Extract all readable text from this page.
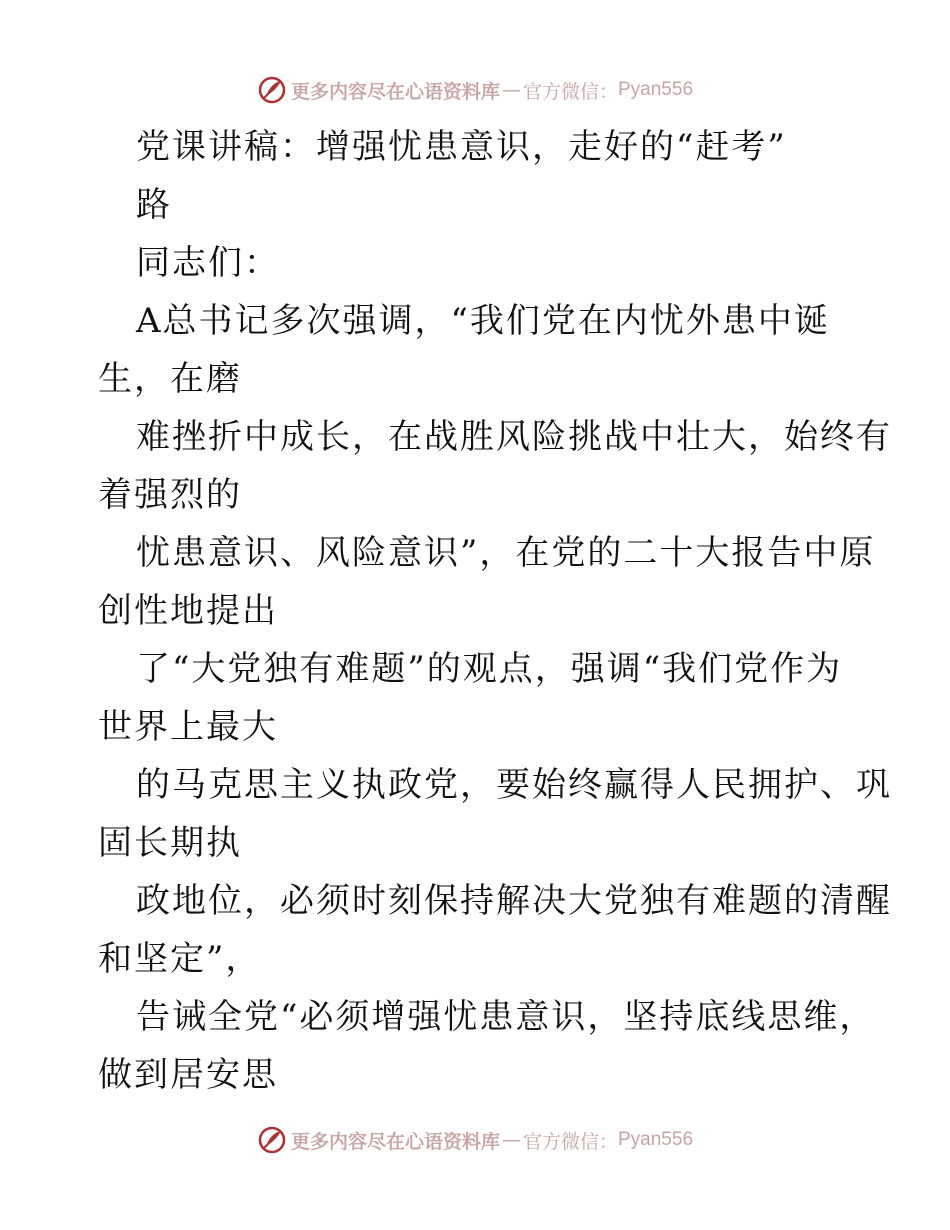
更多内容尽在心语资料库 — 官方微信： Pyan556
党课讲稿：增强忧患意识，走好的“赶考”
路
同志们：
A总书记多次强调，“我们党在内忧外患中诞
生，在磨
难挫折中成长，在战胜风险挑战中壮大，始终有
着强烈的
忧患意识、风险意识”，在党的二十大报告中原
创性地提出
了“大党独有难题”的观点，强调“我们党作为
世界上最大
的马克思主义执政党，要始终赢得人民拥护、巩
固长期执
政地位，必须时刻保持解决大党独有难题的清醒
和坚定”，
告诫全党“必须增强忧患意识，坚持底线思维，
做到居安思
更多内容尽在心语资料库 — 官方微信： Pyan556
